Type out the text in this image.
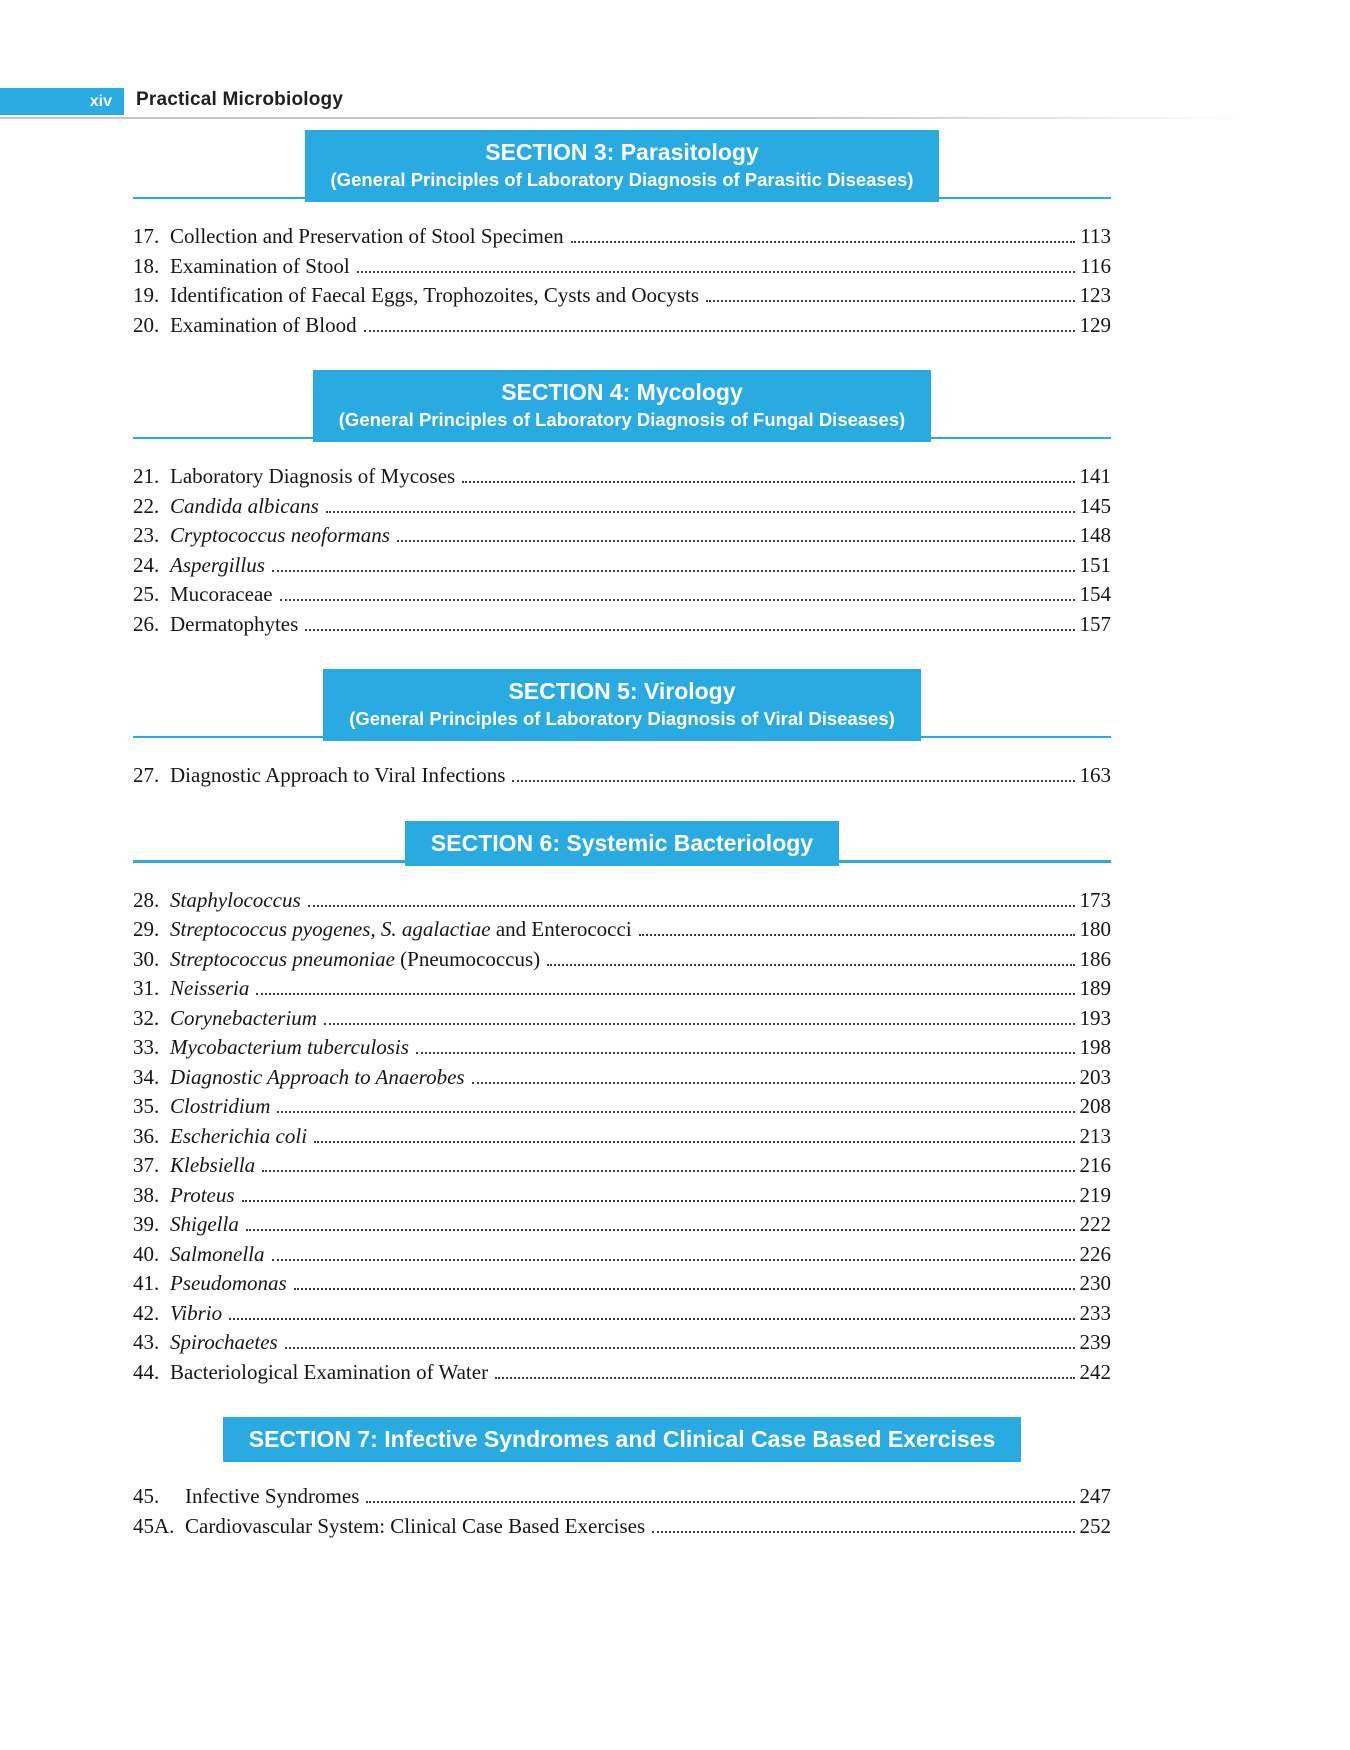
xiv	Practical Microbiology
SECTION 3: Parasitology
(General Principles of Laboratory Diagnosis of Parasitic Diseases)
17. Collection and Preservation of Stool Specimen	113
18. Examination of Stool	116
19. Identification of Faecal Eggs, Trophozoites, Cysts and Oocysts	123
20. Examination of Blood	129
SECTION 4: Mycology
(General Principles of Laboratory Diagnosis of Fungal Diseases)
21. Laboratory Diagnosis of Mycoses	141
22. Candida albicans	145
23. Cryptococcus neoformans	148
24. Aspergillus	151
25. Mucoraceae	154
26. Dermatophytes	157
SECTION 5: Virology
(General Principles of Laboratory Diagnosis of Viral Diseases)
27. Diagnostic Approach to Viral Infections	163
SECTION 6: Systemic Bacteriology
28. Staphylococcus	173
29. Streptococcus pyogenes, S. agalactiae and Enterococci	180
30. Streptococcus pneumoniae (Pneumococcus)	186
31. Neisseria	189
32. Corynebacterium	193
33. Mycobacterium tuberculosis	198
34. Diagnostic Approach to Anaerobes	203
35. Clostridium	208
36. Escherichia coli	213
37. Klebsiella	216
38. Proteus	219
39. Shigella	222
40. Salmonella	226
41. Pseudomonas	230
42. Vibrio	233
43. Spirochaetes	239
44. Bacteriological Examination of Water	242
SECTION 7: Infective Syndromes and Clinical Case Based Exercises
45.	Infective Syndromes	247
45A. Cardiovascular System: Clinical Case Based Exercises	252
